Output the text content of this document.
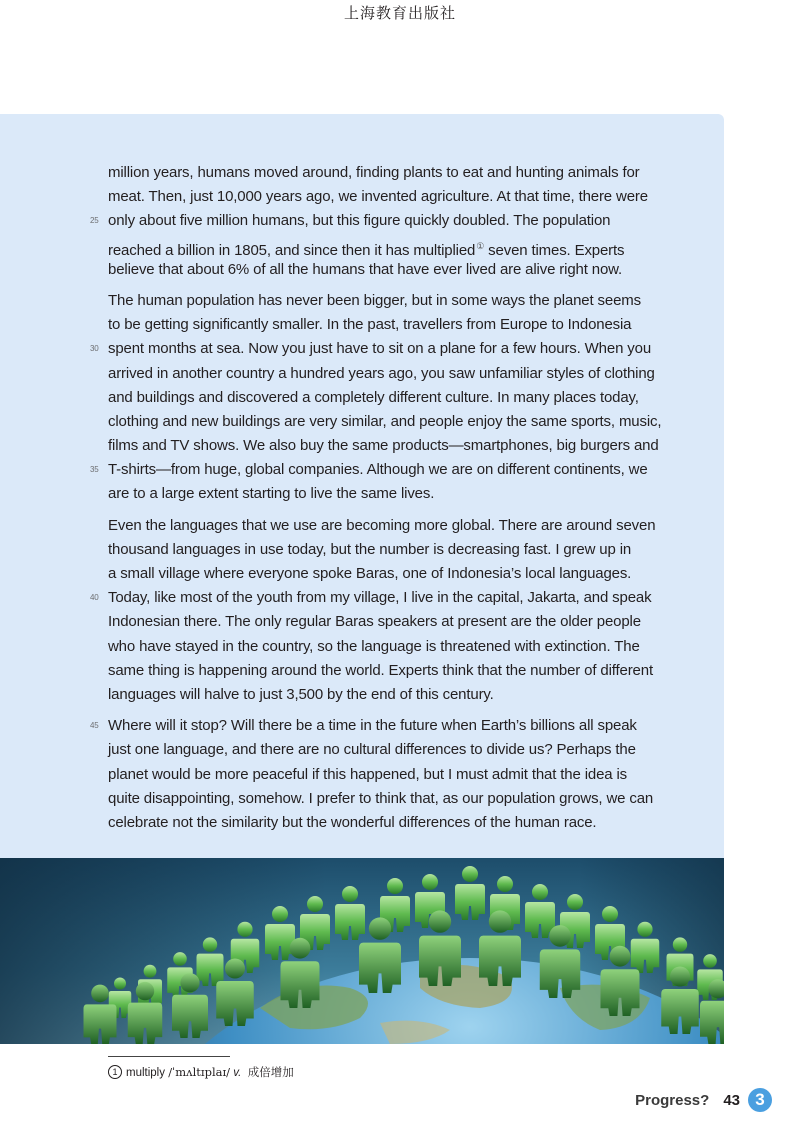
上海教育出版社
million years, humans moved around, finding plants to eat and hunting animals for
meat. Then, just 10,000 years ago, we invented agriculture. At that time, there were
25 only about five million humans, but this figure quickly doubled. The population
reached a billion in 1805, and since then it has multiplied① seven times. Experts
believe that about 6% of all the humans that have ever lived are alive right now.
The human population has never been bigger, but in some ways the planet seems
to be getting significantly smaller. In the past, travellers from Europe to Indonesia
30 spent months at sea. Now you just have to sit on a plane for a few hours. When you
arrived in another country a hundred years ago, you saw unfamiliar styles of clothing
and buildings and discovered a completely different culture. In many places today,
clothing and new buildings are very similar, and people enjoy the same sports, music,
films and TV shows. We also buy the same products—smartphones, big burgers and
35 T-shirts—from huge, global companies. Although we are on different continents, we
are to a large extent starting to live the same lives.
Even the languages that we use are becoming more global. There are around seven
thousand languages in use today, but the number is decreasing fast. I grew up in
a small village where everyone spoke Baras, one of Indonesia’s local languages.
40 Today, like most of the youth from my village, I live in the capital, Jakarta, and speak
Indonesian there. The only regular Baras speakers at present are the older people
who have stayed in the country, so the language is threatened with extinction. The
same thing is happening around the world. Experts think that the number of different
languages will halve to just 3,500 by the end of this century.
45 Where will it stop? Will there be a time in the future when Earth’s billions all speak
just one language, and there are no cultural differences to divide us? Perhaps the
planet would be more peaceful if this happened, but I must admit that the idea is
quite disappointing, somehow. I prefer to think that, as our population grows, we can
celebrate not the similarity but the wonderful differences of the human race.
1 multiply /ˈmʌltɪplaɪ/ v. 成倍增加
Progress? 43 3
